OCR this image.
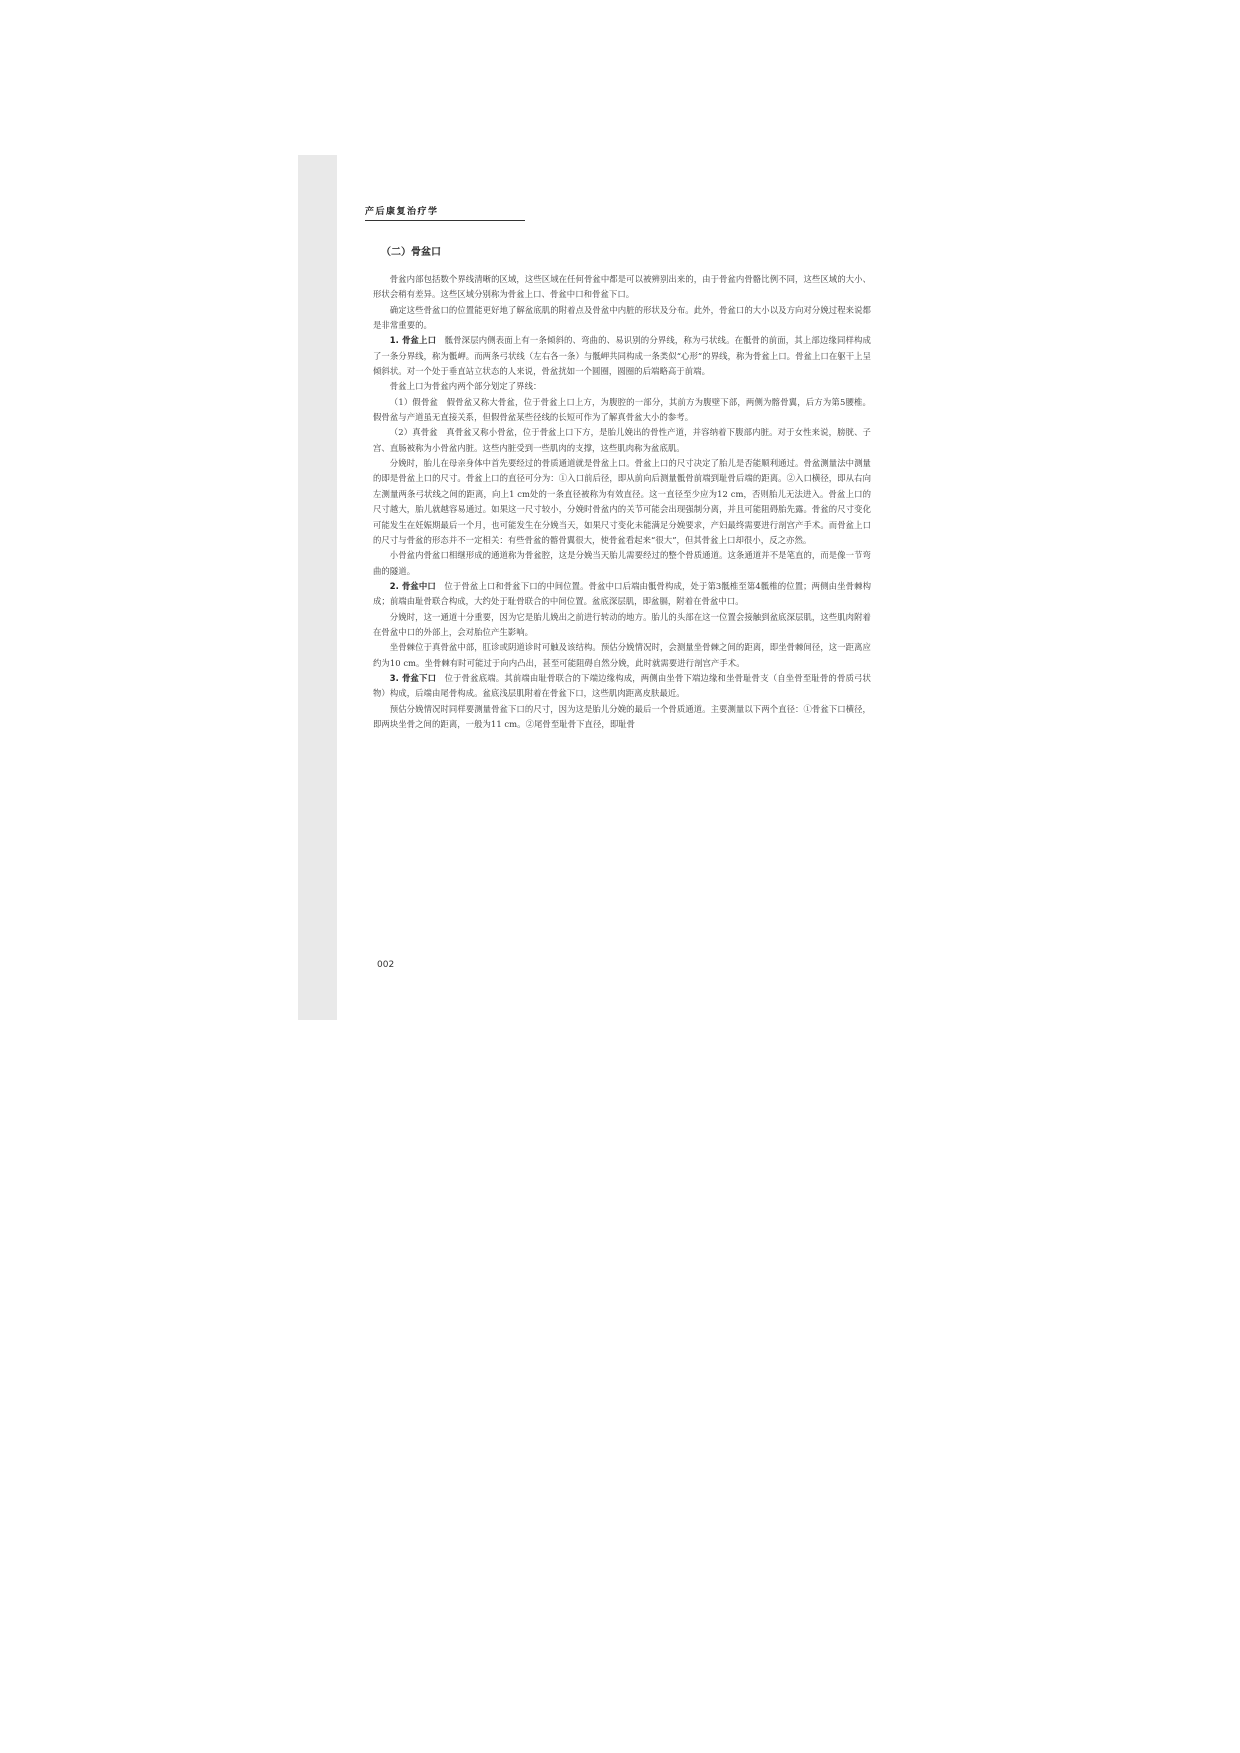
产后康复治疗学
（二）骨盆口

骨盆内部包括数个界线清晰的区域，这些区域在任何骨盆中都是可以被辨别出来的，由于骨盆内骨骼比例不同，这些区域的大小、形状会稍有差异。这些区域分别称为骨盆上口、骨盆中口和骨盆下口。

确定这些骨盆口的位置能更好地了解盆底肌的附着点及骨盆中内脏的形状及分布。此外，骨盆口的大小以及方向对分娩过程来说都是非常重要的。

1. 骨盆上口　 骶骨深层内侧表面上有一条倾斜的、弯曲的、易识别的分界线，称为弓状线。在骶骨的前面，其上部边缘同样构成了一条分界线，称为骶岬。而两条弓状线（左右各一条）与骶岬共同构成一条类似“心形”的界线，称为骨盆上口。骨盆上口在躯干上呈倾斜状。对一个处于垂直站立状态的人来说，骨盆扰如一个圆圈，圆圈的后端略高于前端。

骨盆上口为骨盆内两个部分划定了界线：

（1）假骨盆　假骨盆又称大骨盆，位于骨盆上口上方，为腹腔的一部分，其前方为腹壁下部，两侧为髂骨翼，后方为第5腰椎。假骨盆与产道虽无直接关系，但假骨盆某些径线的长短可作为了解真骨盆大小的参考。

（2）真骨盆　真骨盆又称小骨盆，位于骨盆上口下方，是胎儿娩出的骨性产道，并容纳着下腹部内脏。对于女性来说，膀胱、子宫、直肠被称为小骨盆内脏。这些内脏受到一些肌肉的支撑，这些肌肉称为盆底肌。

分娩时，胎儿在母亲身体中首先要经过的骨质通道就是骨盆上口。骨盆上口的尺寸决定了胎儿是否能顺利通过。骨盆测量法中测量的即是骨盆上口的尺寸。骨盆上口的直径可分为：①入口前后径，即从前向后测量骶骨前端到耻骨后端的距离。②入口横径，即从右向左测量两条弓状线之间的距离，向上1 cm处的一条直径被称为有效直径。这一直径至少应为12 cm，否则胎儿无法进入。骨盆上口的尺寸越大，胎儿就越容易通过。如果这一尺寸较小，分娩时骨盆内的关节可能会出现强制分离，并且可能阻碍胎先露。骨盆的尺寸变化可能发生在妊娠期最后一个月，也可能发生在分娩当天，如果尺寸变化未能满足分娩要求，产妇最终需要进行剖宫产手术。而骨盆上口的尺寸与骨盆的形态并不一定相关：有些骨盆的髂骨翼很大，使骨盆看起来“很大”，但其骨盆上口却很小，反之亦然。

小骨盆内骨盆口相继形成的通道称为骨盆腔，这是分娩当天胎儿需要经过的整个骨质通道。这条通道并不是笔直的，而是像一节弯曲的隧道。

2. 骨盆中口　 位于骨盆上口和骨盆下口的中间位置。骨盆中口后端由骶骨构成，处于第3骶椎至第4骶椎的位置；两侧由坐骨棘构成；前端由耻骨联合构成，大约处于耻骨联合的中间位置。盆底深层肌，即盆膈，附着在骨盆中口。

分娩时，这一通道十分重要，因为它是胎儿娩出之前进行转动的地方。胎儿的头部在这一位置会接触到盆底深层肌，这些肌肉附着在骨盆中口的外部上，会对胎位产生影响。

坐骨棘位于真骨盆中部，肛诊或阴道诊时可触及该结构。预估分娩情况时，会测量坐骨棘之间的距离，即坐骨棘间径，这一距离应约为10 cm。坐骨棘有时可能过于向内凸出，甚至可能阻碍自然分娩，此时就需要进行剖宫产手术。

3. 骨盆下口　 位于骨盆底端。其前端由耻骨联合的下端边缘构成，两侧由坐骨下端边缘和坐骨耻骨支（自坐骨至耻骨的骨质弓状物）构成，后端由尾骨构成。盆底浅层肌附着在骨盆下口，这些肌肉距离皮肤最近。

预估分娩情况时同样要测量骨盆下口的尺寸，因为这是胎儿分娩的最后一个骨质通道。主要测量以下两个直径：①骨盆下口横径，即两块坐骨之间的距离，一般为11 cm。②尾骨至耻骨下直径，即耻骨

002
